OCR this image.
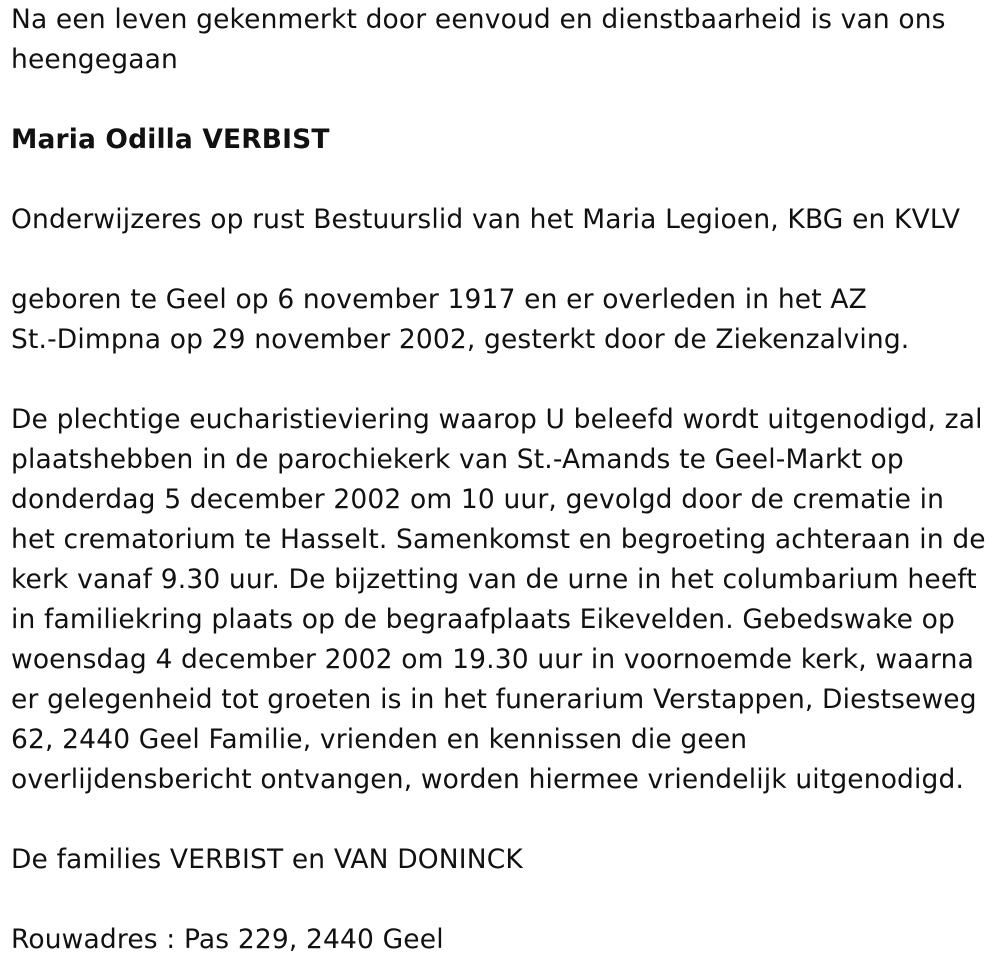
Na een leven gekenmerkt door eenvoud en dienstbaarheid is van ons heengegaan

Maria Odilla VERBIST

Onderwijzeres op rust Bestuurslid van het Maria Legioen, KBG en KVLV

geboren te Geel op 6 november 1917 en er overleden in het AZ

St.-Dimpna op 29 november 2002, gesterkt door de Ziekenzalving.

De plechtige eucharistieviering waarop U beleefd wordt uitgenodigd, zal plaatshebben in de parochiekerk van St.-Amands te Geel-Markt op donderdag 5 december 2002 om 10 uur, gevolgd door de crematie in het crematorium te Hasselt. Samenkomst en begroeting achteraan in de kerk vanaf 9.30 uur. De bijzetting van de urne in het columbarium heeft in familiekring plaats op de begraafplaats Eikevelden. Gebedswake op woensdag 4 december 2002 om 19.30 uur in voornoemde kerk, waarna er gelegenheid tot groeten is in het funerarium Verstappen, Diestseweg 62, 2440 Geel Familie, vrienden en kennissen die geen overlijdensbericht ontvangen, worden hiermee vriendelijk uitgenodigd.

De families VERBIST en VAN DONINCK

Rouwadres : Pas 229, 2440 Geel
